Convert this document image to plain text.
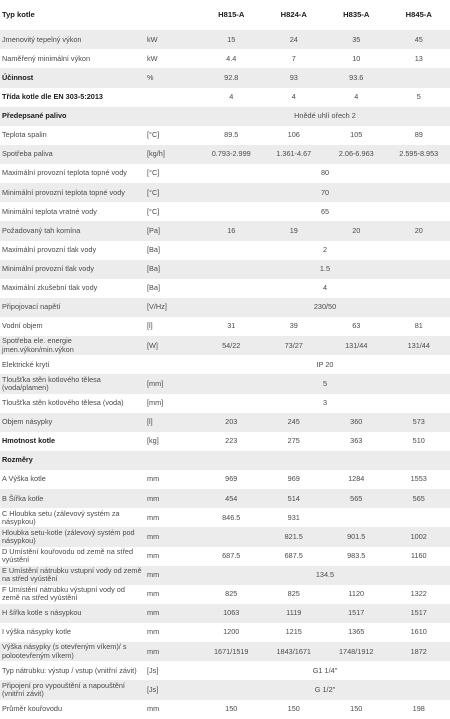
Typ kotle		H815-A	H824-A	H835-A	H845-A
Jmenovitý tepelný výkon	kW	15	24	35	45
Naměřený minimální výkon	kW	4.4	7	10	13
Účinnost	%	92.8	93	93.6	
Třída kotle dle EN 303-5:2013		4	4	4	5
Předepsané palivo		Hnědé uhlí ořech 2			
Teplota spalin	[°C]	89.5	106	105	89
Spotřeba paliva	[kg/h]	0.793-2.999	1.361-4.67	2.06-6.963	2.595-8.953
Maximální provozní teplota topné vody	[°C]	80			
Minimální provozní teplota topné vody	[°C]	70			
Minimální teplota vratné vody	[°C]	65			
Požadovaný tah komína	[Pa]	16	19	20	20
Maximální provozní tlak vody	[Ba]	2			
Minimální provozní tlak vody	[Ba]	1.5			
Maximální zkušební tlak vody	[Ba]	4			
Připojovací napětí	[V/Hz]	230/50			
Vodní objem	[l]	31	39	63	81
Spotřeba ele. energie jmen.výkon/min.výkon	[W]	54/22	73/27	131/44	131/44
Elektrické krytí		IP 20			
Tloušťka stěn kotlového tělesa (voda/plamen)	[mm]	5			
Tloušťka stěn kotlového tělesa (voda)	[mm]	3			
Objem násypky	[l]	203	245	360	573
Hmotnost kotle	[kg]	223	275	363	510
Rozměry					
A Výška kotle	mm	969	969	1284	1553
B Šířka kotle	mm	454	514	565	565
C Hloubka setu (zálevový systém za násypkou)	mm	846.5	931		
Hloubka setu-kotle (zálevový systém pod násypkou)	mm		821.5	901.5	1002
D Umístění kouřovodu od země na střed vyústění	mm	687.5	687.5	983.5	1160
E Umístění nátrubku vstupní vody od země na střed vyústění	mm	134.5			
F Umístění nátrubku výstupní vody od země na střed vyústění	mm	825	825	1120	1322
H šířka kotle s násypkou	mm	1063	1119	1517	1517
I výška násypky kotle	mm	1200	1215	1365	1610
Výška násypky (s otevřeným víkem)/ s polootevřeným víkem)	mm	1671/1519	1843/1671	1748/1912	1872
Typ nátrubku: výstup / vstup (vnitřní závit)	[Js]	G1 1/4"			
Připojení pro vypouštění a napouštění (vnitřní závit)	[Js]	G 1/2"			
Průměr kouřovodu	mm	150	150	150	198
